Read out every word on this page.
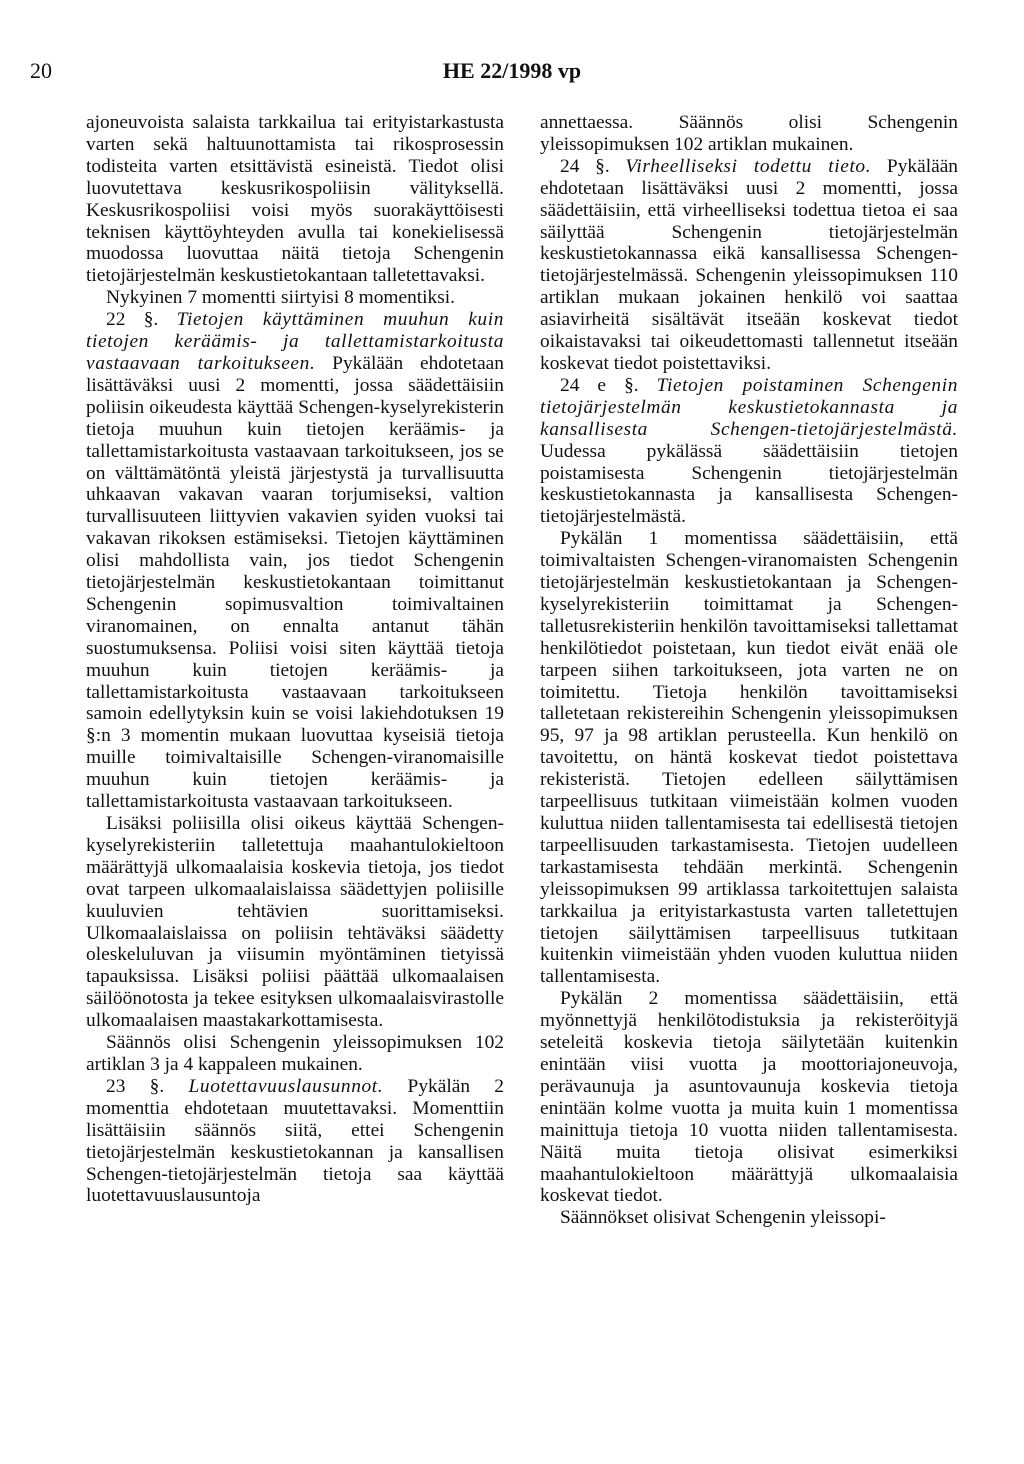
20	HE 22/1998 vp

ajoneuvoista salaista tarkkailua tai erityistarkastusta varten sekä haltuunottamista tai rikosprosessin todisteita varten etsittävistä esineistä. Tiedot olisi luovutettava keskusrikospoliisin välityksellä. Keskusrikospoliisi voisi myös suorakäyttöisesti teknisen käyttöyhteyden avulla tai konekielisessä muodossa luovuttaa näitä tietoja Schengenin tietojärjestelmän keskustietokantaan talletettavaksi.

Nykyinen 7 momentti siirtyisi 8 momentiksi.

22 §. Tietojen käyttäminen muuhun kuin tietojen keräämis- ja tallettamistarkoitusta vastaavaan tarkoitukseen. Pykälään ehdotetaan lisättäväksi uusi 2 momentti, jossa säädettäisiin poliisin oikeudesta käyttää Schengen-kyselyrekisterin tietoja muuhun kuin tietojen keräämis- ja tallettamistarkoitusta vastaavaan tarkoitukseen, jos se on välttämätöntä yleistä järjestystä ja turvallisuutta uhkaavan vakavan vaaran torjumiseksi, valtion turvallisuuteen liittyvien vakavien syiden vuoksi tai vakavan rikoksen estämiseksi. Tietojen käyttäminen olisi mahdollista vain, jos tiedot Schengenin tietojärjestelmän keskustietokantaan toimittanut Schengenin sopimusvaltion toimivaltainen viranomainen, on ennalta antanut tähän suostumuksensa. Poliisi voisi siten käyttää tietoja muuhun kuin tietojen keräämis- ja tallettamistarkoitusta vastaavaan tarkoitukseen samoin edellytyksin kuin se voisi lakiehdotuksen 19 §:n 3 momentin mukaan luovuttaa kyseisiä tietoja muille toimivaltaisille Schengen-viranomaisille muuhun kuin tietojen keräämis- ja tallettamistarkoitusta vastaavaan tarkoitukseen.

Lisäksi poliisilla olisi oikeus käyttää Schengen-kyselyrekisteriin talletettuja maahantulokieltoon määrättyjä ulkomaalaisia koskevia tietoja, jos tiedot ovat tarpeen ulkomaalaislaissa säädettyjen poliisille kuuluvien tehtävien suorittamiseksi. Ulkomaalaislaissa on poliisin tehtäväksi säädetty oleskeluluvan ja viisumin myöntäminen tietyissä tapauksissa. Lisäksi poliisi päättää ulkomaalaisen säilöönotosta ja tekee esityksen ulkomaalaisvirastolle ulkomaalaisen maastakarkottamisesta.

Säännös olisi Schengenin yleissopimuksen 102 artiklan 3 ja 4 kappaleen mukainen.

23 §. Luotettavuuslausunnot. Pykälän 2 momenttia ehdotetaan muutettavaksi. Momenttiin lisättäisiin säännös siitä, ettei Schengenin tietojärjestelmän keskustietokannan ja kansallisen Schengen-tietojärjestelmän tietoja saa käyttää luotettavuuslausuntoja

annettaessa. Säännös olisi Schengenin yleissopimuksen 102 artiklan mukainen.

24 §. Virheelliseksi todettu tieto. Pykälään ehdotetaan lisättäväksi uusi 2 momentti, jossa säädettäisiin, että virheelliseksi todettua tietoa ei saa säilyttää Schengenin tietojärjestelmän keskustietokannassa eikä kansallisessa Schengen-tietojärjestelmässä. Schengenin yleissopimuksen 110 artiklan mukaan jokainen henkilö voi saattaa asiavirheitä sisältävät itseään koskevat tiedot oikaistavaksi tai oikeudettomasti tallennetut itseään koskevat tiedot poistettaviksi.

24 e §. Tietojen poistaminen Schengenin tietojärjestelmän keskustietokannasta ja kansallisesta Schengen-tietojärjestelmästä. Uudessa pykälässä säädettäisiin tietojen poistamisesta Schengenin tietojärjestelmän keskustietokannasta ja kansallisesta Schengen-tietojärjestelmästä.

Pykälän 1 momentissa säädettäisiin, että toimivaltaisten Schengen-viranomaisten Schengenin tietojärjestelmän keskustietokantaan ja Schengen-kyselyrekisteriin toimittamat ja Schengen-talletusrekisteriin henkilön tavoittamiseksi tallettamat henkilötiedot poistetaan, kun tiedot eivät enää ole tarpeen siihen tarkoitukseen, jota varten ne on toimitettu. Tietoja henkilön tavoittamiseksi talletetaan rekistereihin Schengenin yleissopimuksen 95, 97 ja 98 artiklan perusteella. Kun henkilö on tavoitettu, on häntä koskevat tiedot poistettava rekisteristä. Tietojen edelleen säilyttämisen tarpeellisuus tutkitaan viimeistään kolmen vuoden kuluttua niiden tallentamisesta tai edellisestä tietojen tarpeellisuuden tarkastamisesta. Tietojen uudelleen tarkastamisesta tehdään merkintä. Schengenin yleissopimuksen 99 artiklassa tarkoitettujen salaista tarkkailua ja erityistarkastusta varten talletettujen tietojen säilyttämisen tarpeellisuus tutkitaan kuitenkin viimeistään yhden vuoden kuluttua niiden tallentamisesta.

Pykälän 2 momentissa säädettäisiin, että myönnettyjä henkilötodistuksia ja rekisteröityjä seteleitä koskevia tietoja säilytetään kuitenkin enintään viisi vuotta ja moottoriajoneuvoja, perävaunuja ja asuntovaunuja koskevia tietoja enintään kolme vuotta ja muita kuin 1 momentissa mainittuja tietoja 10 vuotta niiden tallentamisesta. Näitä muita tietoja olisivat esimerkiksi maahantulokieltoon määrättyjä ulkomaalaisia koskevat tiedot.

Säännökset olisivat Schengenin yleissopi-
